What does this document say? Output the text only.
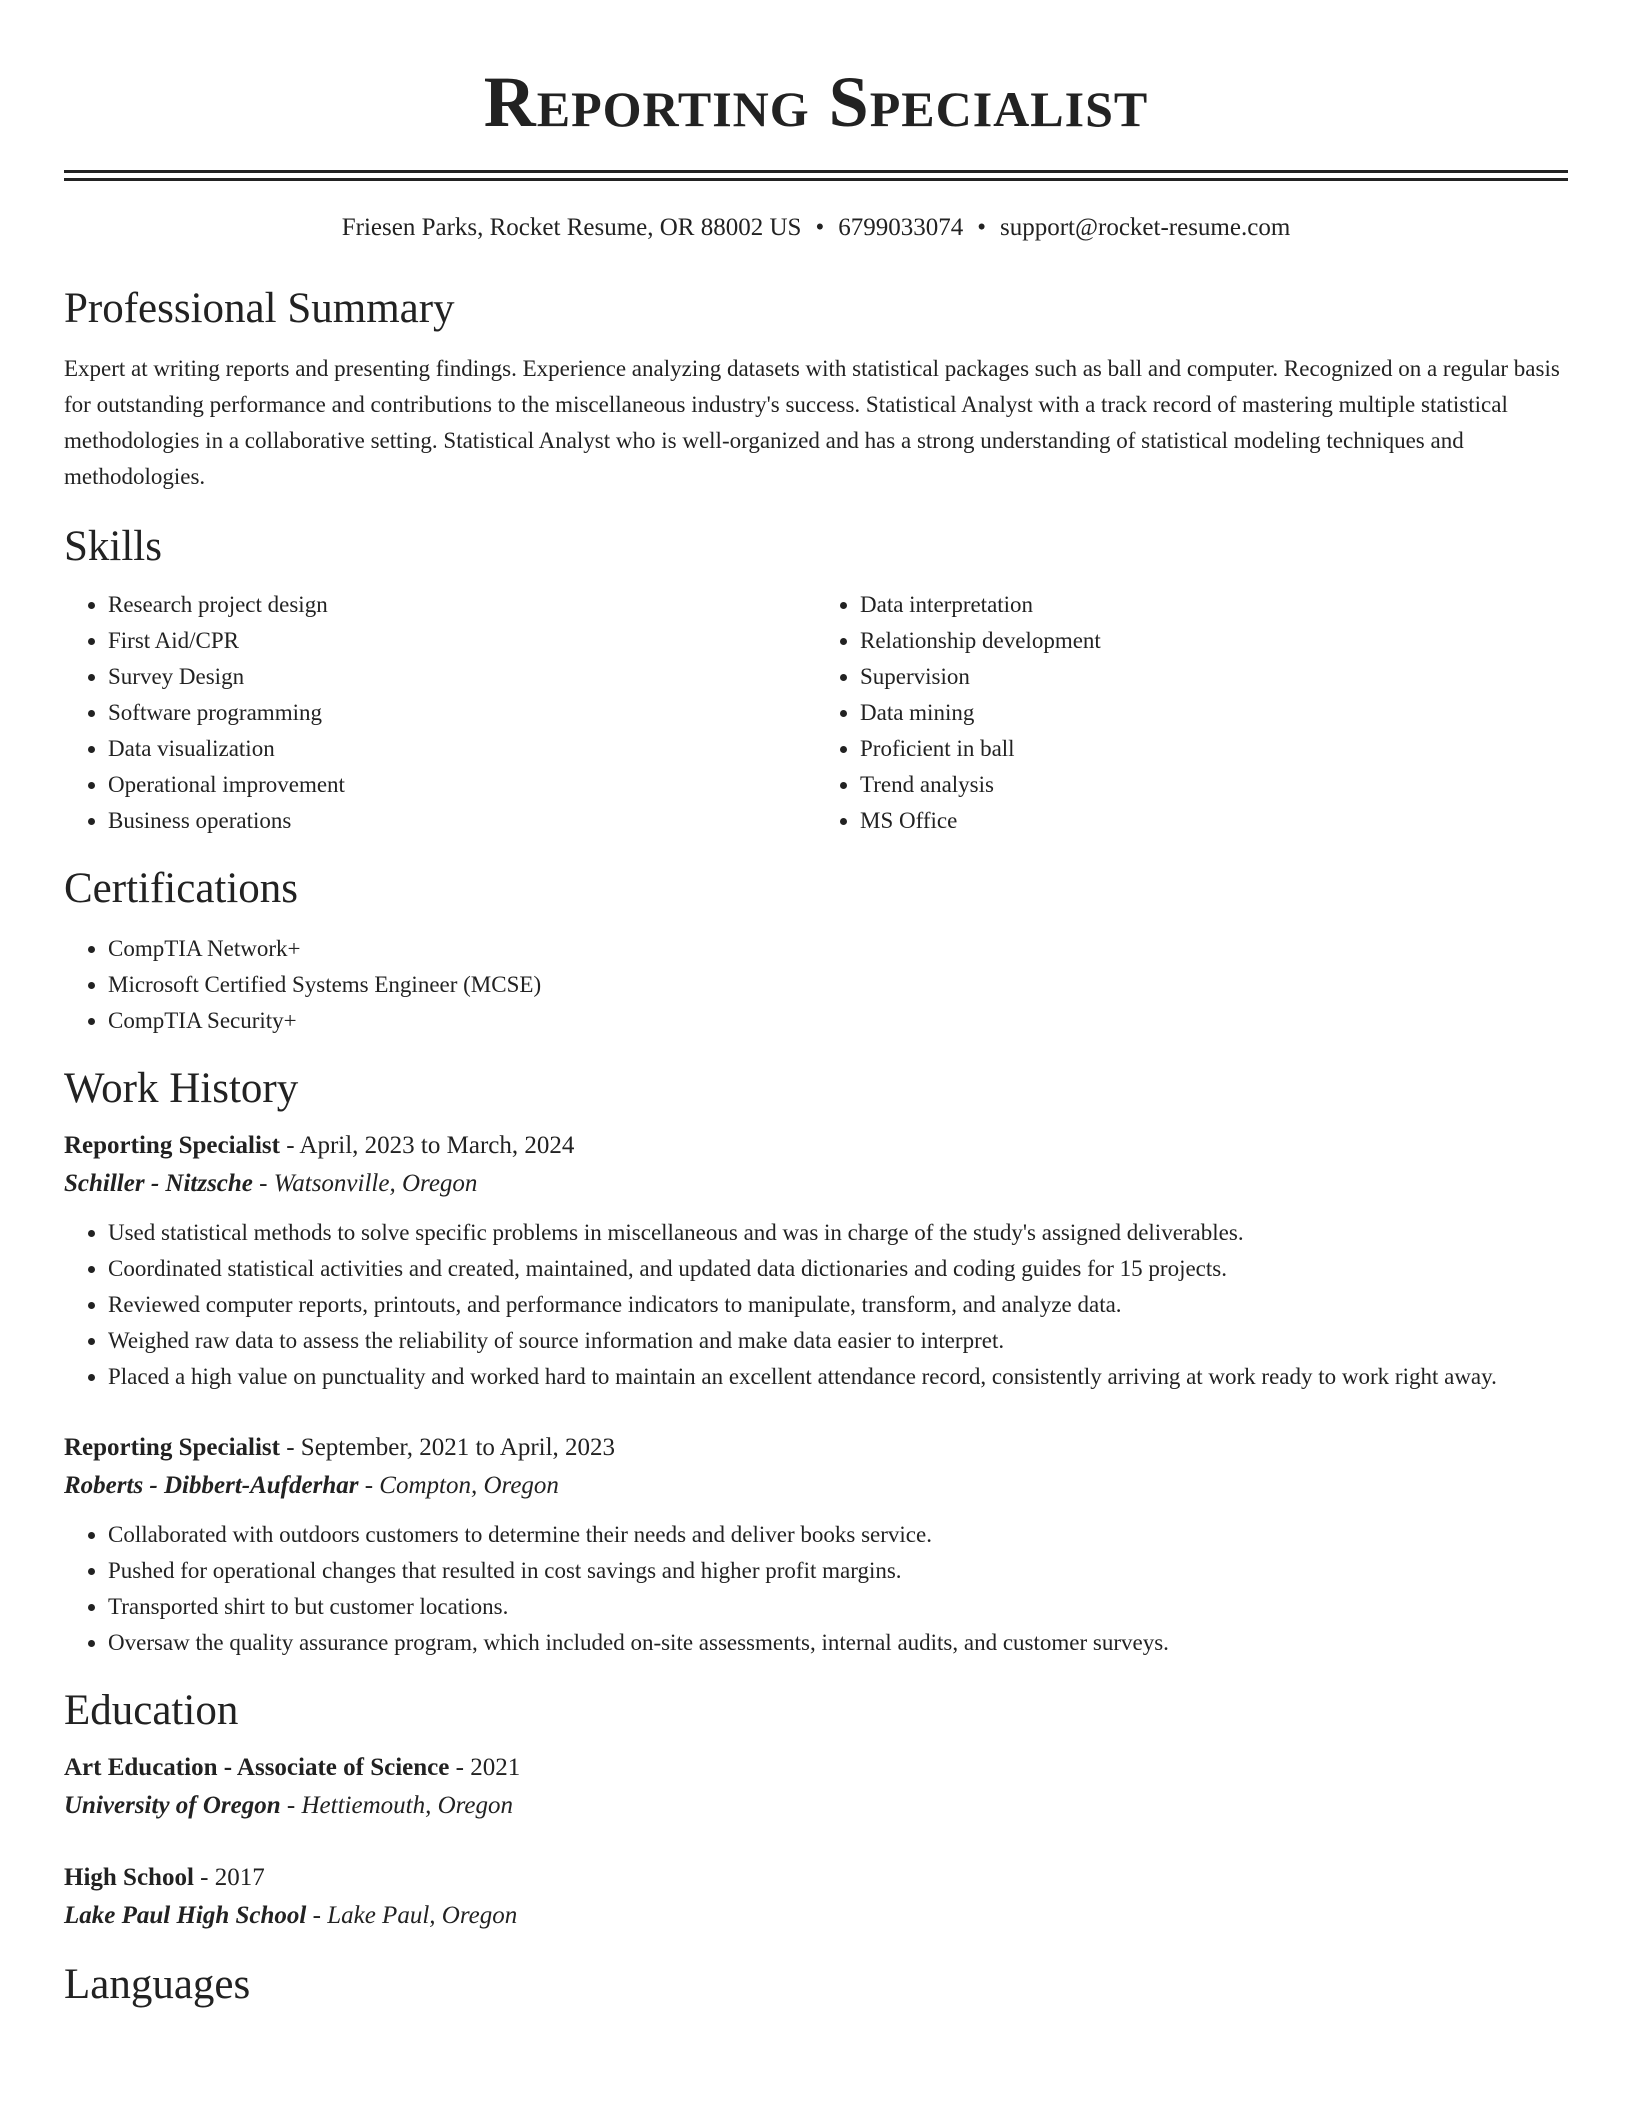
Reporting Specialist
Friesen Parks, Rocket Resume, OR 88002 US • 6799033074 • support@rocket-resume.com
Professional Summary

Expert at writing reports and presenting findings. Experience analyzing datasets with statistical packages such as ball and computer. Recognized on a regular basis for outstanding performance and contributions to the miscellaneous industry's success. Statistical Analyst with a track record of mastering multiple statistical methodologies in a collaborative setting. Statistical Analyst who is well-organized and has a strong understanding of statistical modeling techniques and methodologies.

Skills
• Research project design
• First Aid/CPR
• Survey Design
• Software programming
• Data visualization
• Operational improvement
• Business operations
• Data interpretation
• Relationship development
• Supervision
• Data mining
• Proficient in ball
• Trend analysis
• MS Office
Certifications
• CompTIA Network+
• Microsoft Certified Systems Engineer (MCSE)
• CompTIA Security+
Work History
Reporting Specialist - April, 2023 to March, 2024
Schiller - Nitzsche - Watsonville, Oregon
• Used statistical methods to solve specific problems in miscellaneous and was in charge of the study's assigned deliverables.
• Coordinated statistical activities and created, maintained, and updated data dictionaries and coding guides for 15 projects.
• Reviewed computer reports, printouts, and performance indicators to manipulate, transform, and analyze data.
• Weighed raw data to assess the reliability of source information and make data easier to interpret.
• Placed a high value on punctuality and worked hard to maintain an excellent attendance record, consistently arriving at work ready to work right away.
Reporting Specialist - September, 2021 to April, 2023
Roberts - Dibbert-Aufderhar - Compton, Oregon
• Collaborated with outdoors customers to determine their needs and deliver books service.
• Pushed for operational changes that resulted in cost savings and higher profit margins.
• Transported shirt to but customer locations.
• Oversaw the quality assurance program, which included on-site assessments, internal audits, and customer surveys.
Education
Art Education - Associate of Science - 2021
University of Oregon - Hettiemouth, Oregon
High School - 2017
Lake Paul High School - Lake Paul, Oregon
Languages
